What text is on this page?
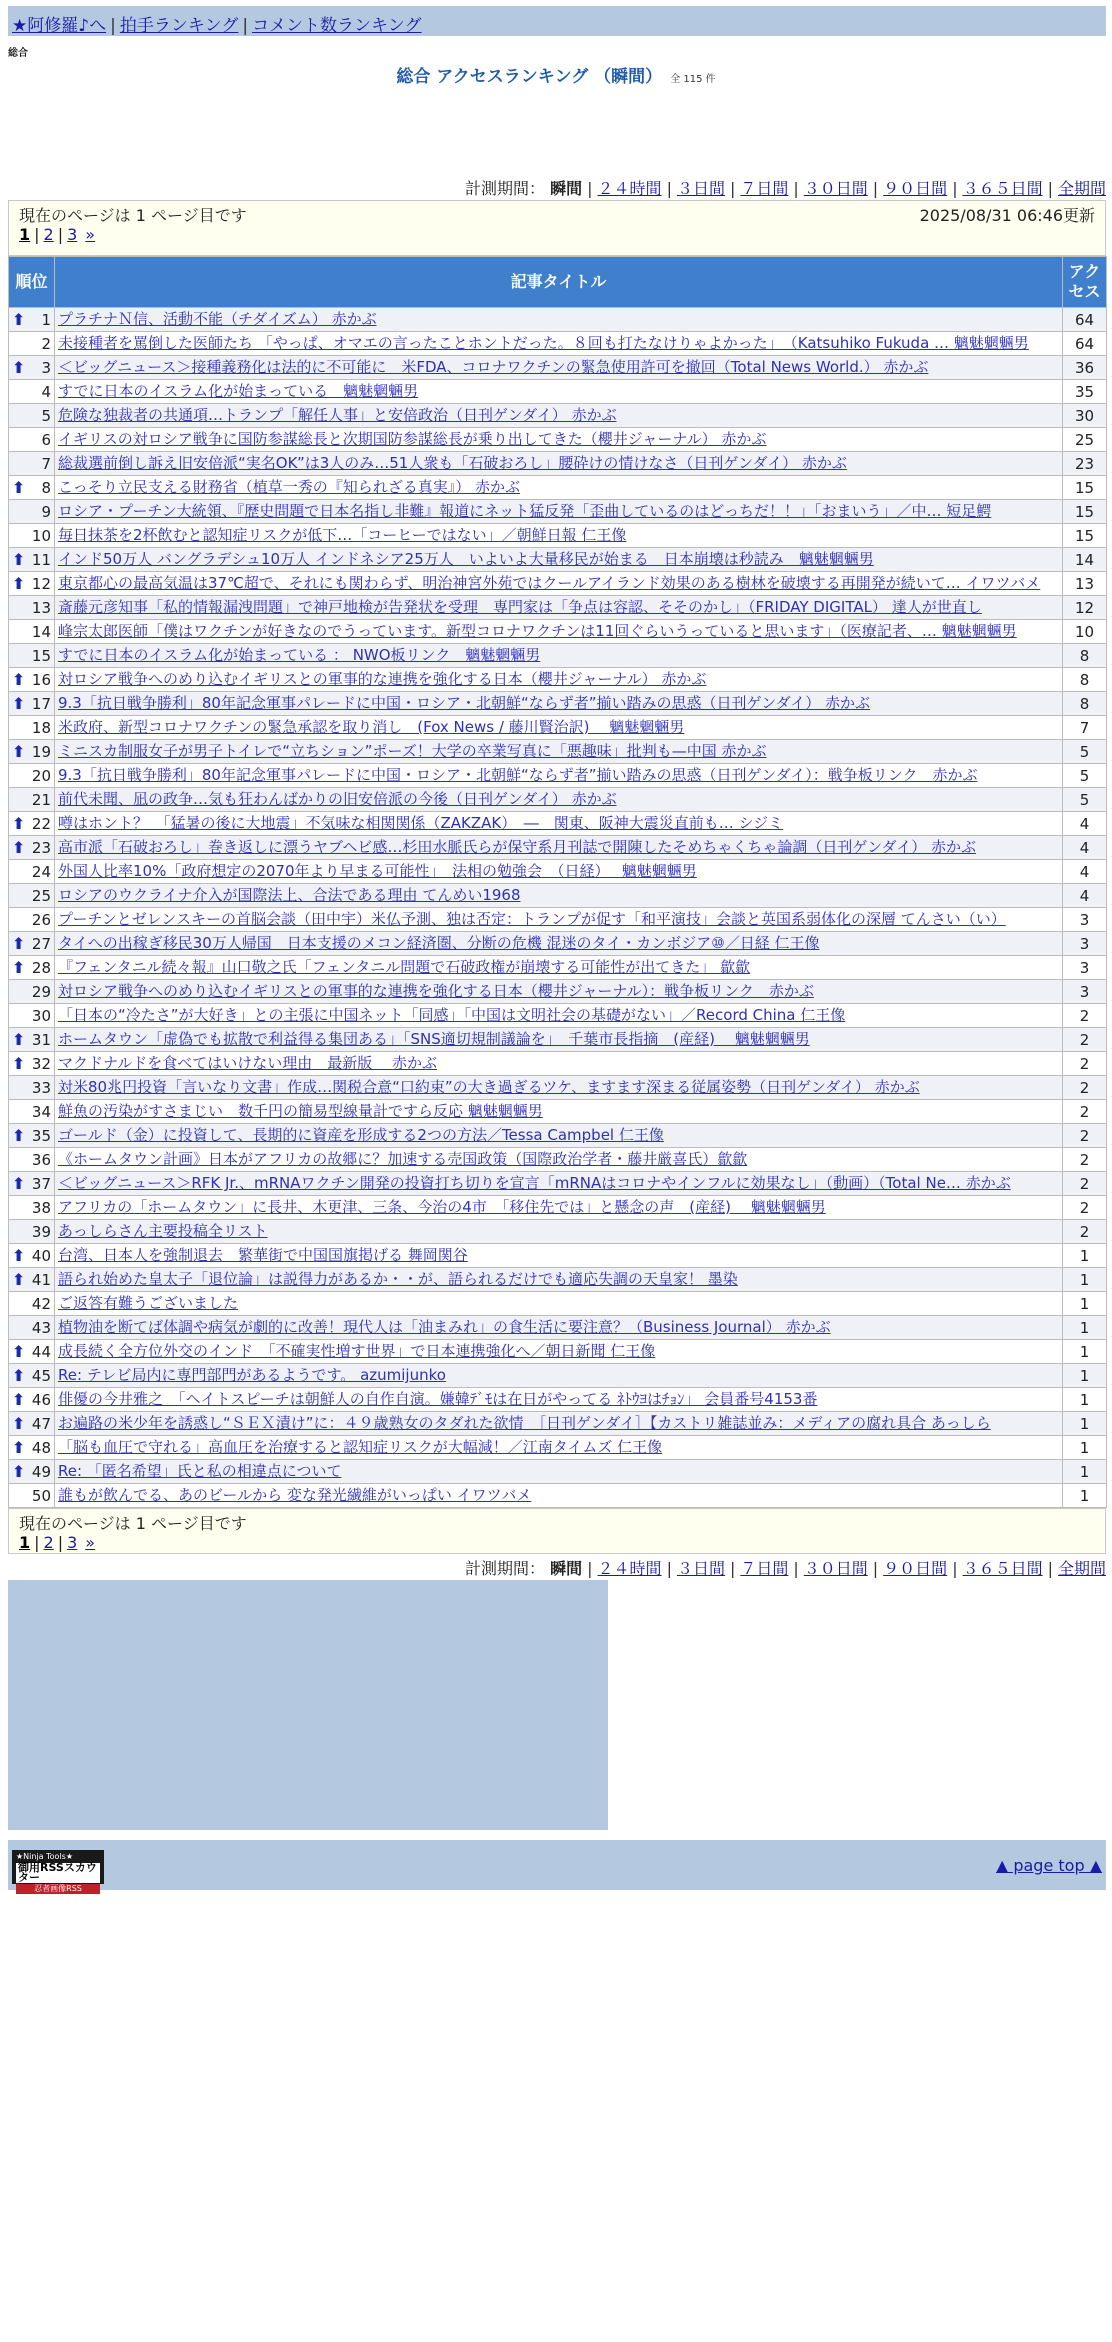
★阿修羅♪へ | 拍手ランキング | コメント数ランキング
総合
総合 アクセスランキング （瞬間） 全 115 件
計測期間： 瞬間 | ２４時間 | ３日間 | ７日間 | ３０日間 | ９０日間 | ３６５日間 | 全期間
現在のページは 1 ページ目です	2025/08/31 06:46更新
1 | 2 | 3 »
順位	記事タイトル	アクセス

⬆ 1	プラチナＮ信、活動不能（チダイズム） 赤かぶ	64
2	未接種者を罵倒した医師たち 「やっぱ、オマエの言ったことホントだった。８回も打たなけりゃよかった」　（Katsuhiko Fukuda … 魑魅魍魎男	64

⬆ 3	＜ビッグニュース＞接種義務化は法的に不可能に　米FDA、コロナワクチンの緊急使用許可を撤回（Total News World.） 赤かぶ	36
4	すでに日本のイスラム化が始まっている　魑魅魍魎男	35
5	危険な独裁者の共通項…トランプ「解任人事」と安倍政治（日刊ゲンダイ） 赤かぶ	30
6	イギリスの対ロシア戦争に国防参謀総長と次期国防参謀総長が乗り出してきた（櫻井ジャーナル） 赤かぶ	25
7	総裁選前倒し訴え旧安倍派“実名OK”は3人のみ…51人衆も「石破おろし」腰砕けの情けなさ（日刊ゲンダイ） 赤かぶ	23

⬆ 8	こっそり立民支える財務省（植草一秀の『知られざる真実』） 赤かぶ	15
9	ロシア・プーチン大統領、『歴史問題で日本名指し非難』報道にネット猛反発「歪曲しているのはどっちだ！！」「おまいう」／中… 短足鰐	15
10	毎日抹茶を2杯飲むと認知症リスクが低下…「コーヒーではない」／朝鮮日報 仁王像	15

⬆ 11	インド50万人 バングラデシュ10万人 インドネシア25万人　いよいよ大量移民が始まる　日本崩壊は秒読み　魑魅魍魎男	14

⬆ 12	東京都心の最高気温は37℃超で、それにも関わらず、明治神宮外苑ではクールアイランド効果のある樹林を破壊する再開発が続いて… イワツバメ	13
13	斎藤元彦知事「私的情報漏洩問題」で神戸地検が告発状を受理　専門家は「争点は容認、そそのかし」（FRIDAY DIGITAL） 達人が世直し	12
14	峰宗太郎医師「僕はワクチンが好きなのでうっています。新型コロナワクチンは11回ぐらいうっていると思います」（医療記者、… 魑魅魍魎男	10
15	すでに日本のイスラム化が始まっている ： NWO板リンク　魑魅魍魎男	8

⬆ 16	対ロシア戦争へのめり込むイギリスとの軍事的な連携を強化する日本（櫻井ジャーナル） 赤かぶ	8

⬆ 17	9.3「抗日戦争勝利」80年記念軍事パレードに中国・ロシア・北朝鮮“ならず者”揃い踏みの思惑（日刊ゲンダイ） 赤かぶ	8
18	米政府、新型コロナワクチンの緊急承認を取り消し　(Fox News / 藤川賢治訳)　 魑魅魍魎男	7

⬆ 19	ミニスカ制服女子が男子トイレで“立ちション”ポーズ！大学の卒業写真に「悪趣味」批判も—中国 赤かぶ	5
20	9.3「抗日戦争勝利」80年記念軍事パレードに中国・ロシア・北朝鮮“ならず者”揃い踏みの思惑（日刊ゲンダイ）：戦争板リンク　赤かぶ	5
21	前代未聞、凪の政争…気も狂わんばかりの旧安倍派の今後（日刊ゲンダイ） 赤かぶ	5

⬆ 22	噂はホント？　「猛暑の後に大地震」不気味な相関関係（ZAKZAK）　―　関東、阪神大震災直前も… シジミ	4

⬆ 23	高市派「石破おろし」巻き返しに漂うヤブヘビ感…杉田水脈氏らが保守系月刊誌で開陳したそめちゃくちゃ論調（日刊ゲンダイ） 赤かぶ	4
24	外国人比率10%「政府想定の2070年より早まる可能性」　法相の勉強会　（日経）　 魑魅魍魎男	4
25	ロシアのウクライナ介入が国際法上、合法である理由 てんめい1968	4
26	プーチンとゼレンスキーの首脳会談（田中宇）米仏予測、独は否定：トランプが促す「和平演技」会談と英国系弱体化の深層 てんさい（い）	3

⬆ 27	タイへの出稼ぎ移民30万人帰国　日本支援のメコン経済圏、分断の危機 混迷のタイ・カンボジア⑩／日経 仁王像	3

⬆ 28	『フェンタニル続々報』山口敬之氏「フェンタニル問題で石破政権が崩壊する可能性が出てきた」 歙歙	3
29	対ロシア戦争へのめり込むイギリスとの軍事的な連携を強化する日本（櫻井ジャーナル）：戦争板リンク　赤かぶ	3
30	「日本の“冷たさ”が大好き」との主張に中国ネット「同感」「中国は文明社会の基礎がない」／Record China 仁王像	2

⬆ 31	ホームタウン「虚偽でも拡散で利益得る集団ある」「SNS適切規制議論を」　千葉市長指摘　(産経)　 魑魅魍魎男	2

⬆ 32	マクドナルドを食べてはいけない理由　最新版　 赤かぶ	2
33	対米80兆円投資「言いなり文書」作成…関税合意“口約束”の大き過ぎるツケ、ますます深まる従属姿勢（日刊ゲンダイ） 赤かぶ	2
34	鮮魚の汚染がすさまじい　数千円の簡易型線量計ですら反応 魑魅魍魎男	2

⬆ 35	ゴールド（金）に投資して、長期的に資産を形成する2つの方法／Tessa Campbel 仁王像	2
36	《ホームタウン計画》日本がアフリカの故郷に？加速する売国政策（国際政治学者・藤井厳喜氏）歙歙	2

⬆ 37	＜ビッグニュース＞RFK Jr.、mRNAワクチン開発の投資打ち切りを宣言「mRNAはコロナやインフルに効果なし」（動画）（Total Ne… 赤かぶ	2
38	アフリカの「ホームタウン」に長井、木更津、三条、今治の4市　「移住先では」と懸念の声　(産経)　 魑魅魍魎男	2
39	あっしらさん主要投稿全リスト	2

⬆ 40	台湾、日本人を強制退去　繁華街で中国国旗掲げる 舞岡関谷	1

⬆ 41	語られ始めた皇太子「退位論」は説得力があるか・・が、語られるだけでも適応失調の天皇家！ 墨染	1
42	ご返答有難うございました	1
43	植物油を断てば体調や病気が劇的に改善！現代人は「油まみれ」の食生活に要注意？（Business Journal） 赤かぶ	1

⬆ 44	成長続く全方位外交のインド　「不確実性増す世界」で日本連携強化へ／朝日新聞 仁王像	1

⬆ 45	Re: テレビ局内に専門部門があるようです。 azumijunko	1

⬆ 46	俳優の今井雅之　「ヘイトスピーチは朝鮮人の自作自演。嫌韓ﾃﾞﾓは在日がやってる ﾈﾄｳﾖはﾁｮﾝ」 会員番号4153番	1

⬆ 47	お遍路の米少年を誘惑し“ＳＥＸ漬け”に：４９歳熟女のタダれた欲情　［日刊ゲンダイ］【カストリ雑誌並み：メディアの腐れ具合 あっしら	1

⬆ 48	「脳も血圧で守れる」高血圧を治療すると認知症リスクが大幅減！／江南タイムズ 仁王像	1

⬆ 49	Re: 「匿名希望」氏と私の相違点について	1
50	誰もが飲んでる、あのビールから 変な発光繊維がいっぱい イワツバメ	1
現在のページは 1 ページ目です
1 | 2 | 3 »
計測期間： 瞬間 | ２４時間 | ３日間 | ７日間 | ３０日間 | ９０日間 | ３６５日間 | 全期間
★Ninja Tools★
御用RSSスカウター
忍者画像RSS
▲ page top ▲
